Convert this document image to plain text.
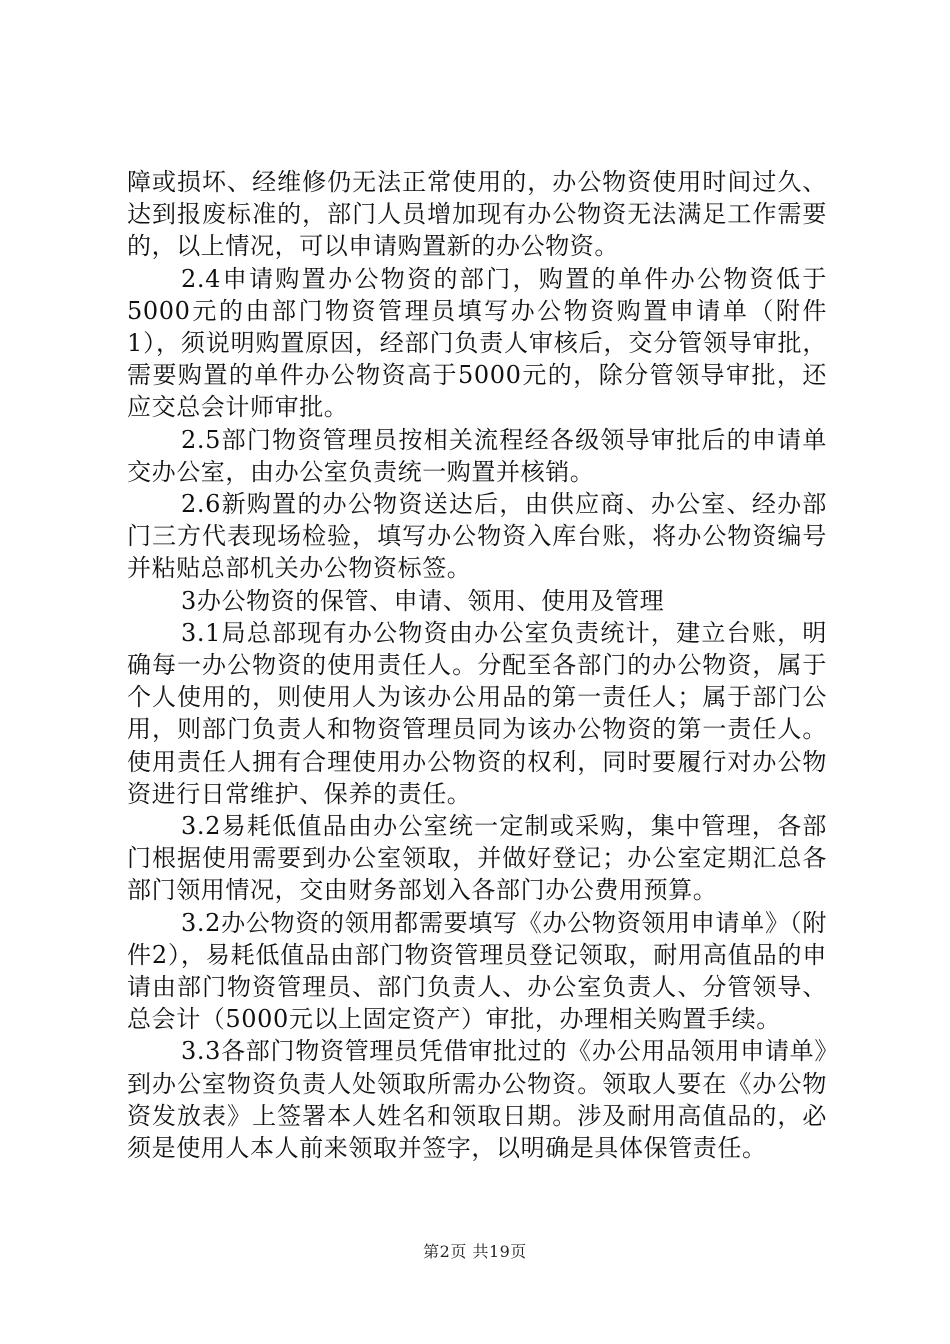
障或损坏、经维修仍无法正常使用的，办公物资使用时间过久、达到报废标准的，部门人员增加现有办公物资无法满足工作需要的，以上情况，可以申请购置新的办公物资。

2.4申请购置办公物资的部门，购置的单件办公物资低于5000元的由部门物资管理员填写办公物资购置申请单（附件1），须说明购置原因，经部门负责人审核后，交分管领导审批，需要购置的单件办公物资高于5000元的，除分管领导审批，还应交总会计师审批。

2.5部门物资管理员按相关流程经各级领导审批后的申请单交办公室，由办公室负责统一购置并核销。

2.6新购置的办公物资送达后，由供应商、办公室、经办部门三方代表现场检验，填写办公物资入库台账，将办公物资编号并粘贴总部机关办公物资标签。

3办公物资的保管、申请、领用、使用及管理

3.1局总部现有办公物资由办公室负责统计，建立台账，明确每一办公物资的使用责任人。分配至各部门的办公物资，属于个人使用的，则使用人为该办公用品的第一责任人；属于部门公用，则部门负责人和物资管理员同为该办公物资的第一责任人。使用责任人拥有合理使用办公物资的权利，同时要履行对办公物资进行日常维护、保养的责任。

3.2易耗低值品由办公室统一定制或采购，集中管理，各部门根据使用需要到办公室领取，并做好登记；办公室定期汇总各部门领用情况，交由财务部划入各部门办公费用预算。

3.2办公物资的领用都需要填写《办公物资领用申请单》（附件2），易耗低值品由部门物资管理员登记领取，耐用高值品的申请由部门物资管理员、部门负责人、办公室负责人、分管领导、总会计（5000元以上固定资产）审批，办理相关购置手续。

3.3各部门物资管理员凭借审批过的《办公用品领用申请单》到办公室物资负责人处领取所需办公物资。领取人要在《办公物资发放表》上签署本人姓名和领取日期。涉及耐用高值品的，必须是使用人本人前来领取并签字，以明确是具体保管责任。

第2页 共19页
